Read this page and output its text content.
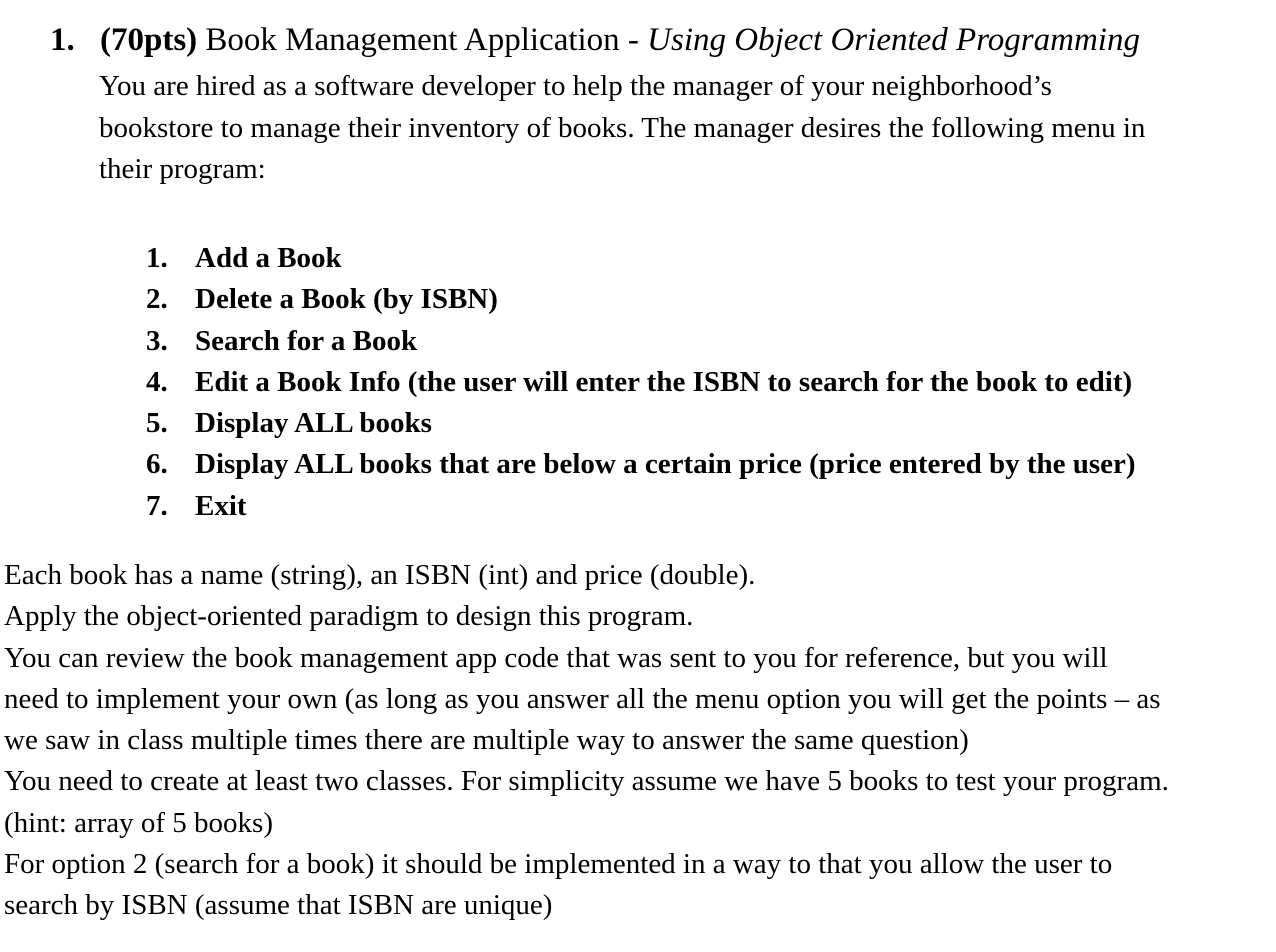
1. (70pts) Book Management Application - Using Object Oriented Programming
You are hired as a software developer to help the manager of your neighborhood’s
bookstore to manage their inventory of books. The manager desires the following menu in
their program:
1. Add a Book
2. Delete a Book (by ISBN)
3. Search for a Book
4. Edit a Book Info (the user will enter the ISBN to search for the book to edit)
5. Display ALL books
6. Display ALL books that are below a certain price (price entered by the user)
7. Exit
Each book has a name (string), an ISBN (int) and price (double).
Apply the object-oriented paradigm to design this program.
You can review the book management app code that was sent to you for reference, but you will
need to implement your own (as long as you answer all the menu option you will get the points – as
we saw in class multiple times there are multiple way to answer the same question)
You need to create at least two classes. For simplicity assume we have 5 books to test your program.
(hint: array of 5 books)
For option 2 (search for a book) it should be implemented in a way to that you allow the user to
search by ISBN (assume that ISBN are unique)
